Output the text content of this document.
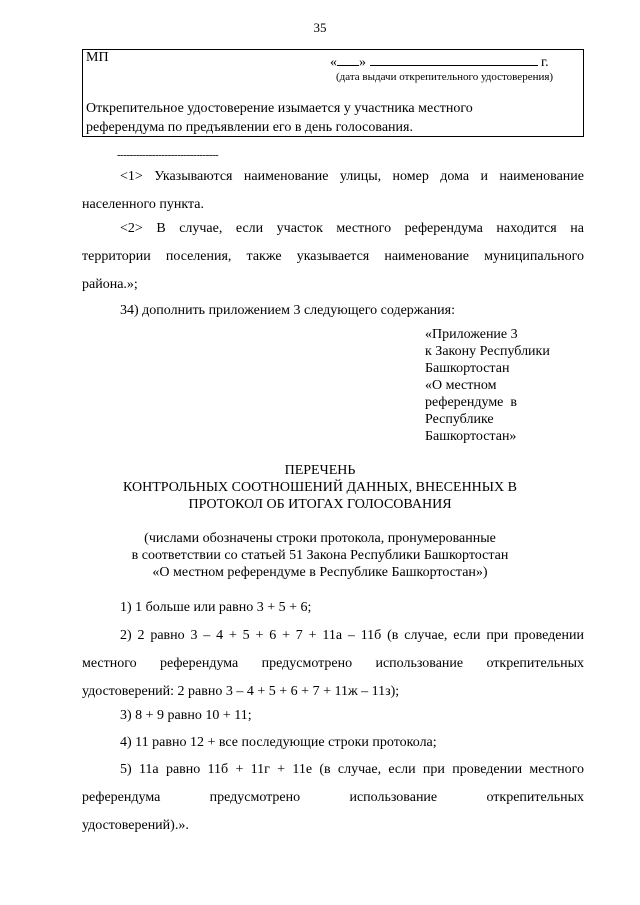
35
МП	« »	г.
(дата выдачи открепительного удостоверения)
Открепительное удостоверение изымается у участника местного
референдума по предъявлении его в день голосования.
--------------------------------
<1> Указываются наименование улицы, номер дома и наименование
населенного пункта.
<2> В случае, если участок местного референдума находится на
территории поселения, также указывается наименование муниципального
района.»;
34) дополнить приложением 3 следующего содержания:
«Приложение 3
к Закону Республики
Башкортостан
«О местном
референдуме  в
Республике
Башкортостан»
ПЕРЕЧЕНЬ
КОНТРОЛЬНЫХ СООТНОШЕНИЙ ДАННЫХ, ВНЕСЕННЫХ В
ПРОТОКОЛ ОБ ИТОГАХ ГОЛОСОВАНИЯ
(числами обозначены строки протокола, пронумерованные
в соответствии со статьей 51 Закона Республики Башкортостан
«О местном референдуме в Республике Башкортостан»)
1) 1 больше или равно 3 + 5 + 6;
2) 2 равно 3 – 4 + 5 + 6 + 7 + 11а – 11б (в случае, если при проведении
местного референдума предусмотрено использование открепительных
удостоверений: 2 равно 3 – 4 + 5 + 6 + 7 + 11ж – 11з);
3) 8 + 9 равно 10 + 11;
4) 11 равно 12 + все последующие строки протокола;
5) 11а равно 11б + 11г + 11е (в случае, если при проведении местного
референдума предусмотрено использование открепительных
удостоверений).».
